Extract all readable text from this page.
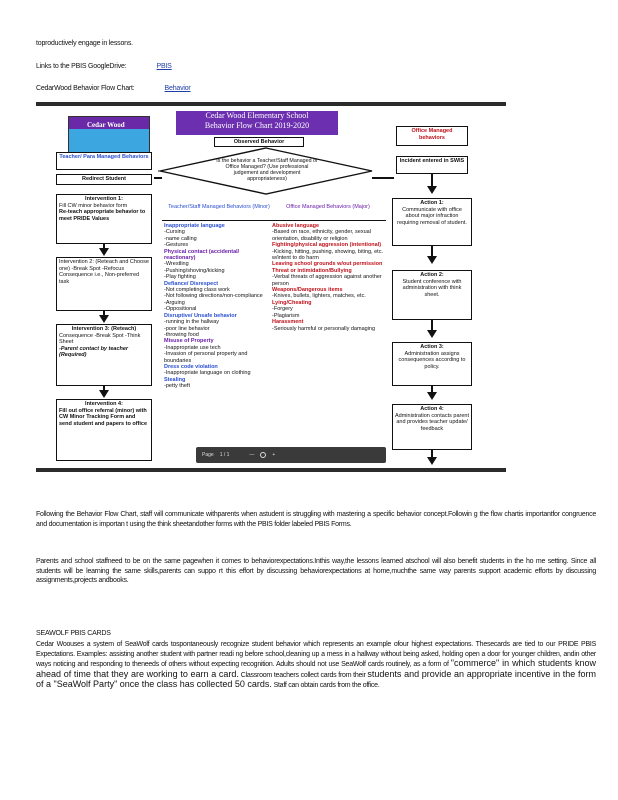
toproductively engage in lessons.
Links to the PBIS GoogleDrive:	PBIS
CedarWood Behavior Flow Chart:	Behavior
Cedar Wood
Cedar Wood Elementary School
Behavior Flow Chart 2019-2020
Observed Behavior
Teacher/ Para Managed Behaviors
Office Managed behaviors
Incident entered in SWIS
Is the behavior a Teacher/Staff Managed or Office Managed? (Use professional judgement and development appropriateness)
Redirect Student
Intervention 1:
Fill CW minor behavior form
Re-teach appropriate behavior to meet PRIDE Values
Intervention 2: (Reteach and Choose one) -Break Spot -Refocus Consequence i.e., Non-preferred task
Intervention 3: (Reteach)
Consequence -Break Spot -Think Sheet
-Parent contact by teacher (Required)
Intervention 4:
Fill out office referral (minor) with CW Minor Tracking Form and send student and papers to office
Teacher/Staff Managed Behaviors (Minor)	Office Managed Behaviors (Major)
Inappropriate language
-Cursing
-name calling
-Gestures
Physical contact (accidental/ reactionary)
-Wrestling
-Pushing/shoving/kicking
-Play fighting
Defiance/ Disrespect
-Not completing class work
-Not following directions/non-compliance
-Arguing
-Oppositional
Disruptive/ Unsafe behavior
-running in the hallway
-poor line behavior
-throwing food
Misuse of Property
-Inappropriate use tech
-Invasion of personal property and boundaries
Dress code violation
-Inappropriate language on clothing
Stealing
-petty theft
Abusive language
-Based on race, ethnicity, gender, sexual orientation, disability or religion
Fighting/physical aggression (intentional)
-Kicking, hitting, pushing, showing, biting, etc. w/intent to do harm
Leaving school grounds w/out permission
Threat or intimidation/Bullying
-Verbal threats of aggression against another person
Weapons/Dangerous items
-Knives, bullets, lighters, matches, etc.
Lying/Cheating
-Forgery
-Plagiarism
Harassment
-Seriously harmful or personally damaging
Action 1:
Communicate with office about major infraction requiring removal of student.
Action 2:
Student conference with administration with think sheet.
Action 3:
Administration assigns consequences according to policy.
Action 4:
Administration contacts parent and provides teacher update/ feedback
Page 1 / 1	—	+
Following the Behavior Flow Chart, staff will communicate withparents when astudent is struggling with mastering a specific behavior concept.Followin g the flow chartis importantfor congruence and documentation is importan t using the think sheetandother forms with the PBIS folder labeled PBIS Forms.
Parents and school staffneed to be on the same pagewhen it comes to behaviorexpectations.Inthis way,the lessons learned atschool will also benefit students in the ho me setting. Since all students will be learning the same skills,parents can suppo rt this effort by discussing behaviorexpectations at home,muchthe same way parents support academic efforts by discussing assignments,projects andbooks.
SEAWOLF PBIS CARDS
Cedar Woouses a system of SeaWolf cards tospontaneously recognize student behavior which represents an example ofour highest expectations. Thesecards are tied to our PRIDE PBIS Expectations. Examples: assisting another student with partner readi ng before school,cleaning up a mess in a hallway without being asked, holding open a door for younger children, andin other ways noticing and responding to theneeds of others without expecting recognition. Adults should not use SeaWolf cards routinely, as a form of "commerce" in which students know ahead of time that they are working to earn a card. Classroom teachers collect cards from their students and provide an appropriate incentive in the form of a "SeaWolf Party" once the class has collected 50 cards. Staff can obtain cards from the office.
